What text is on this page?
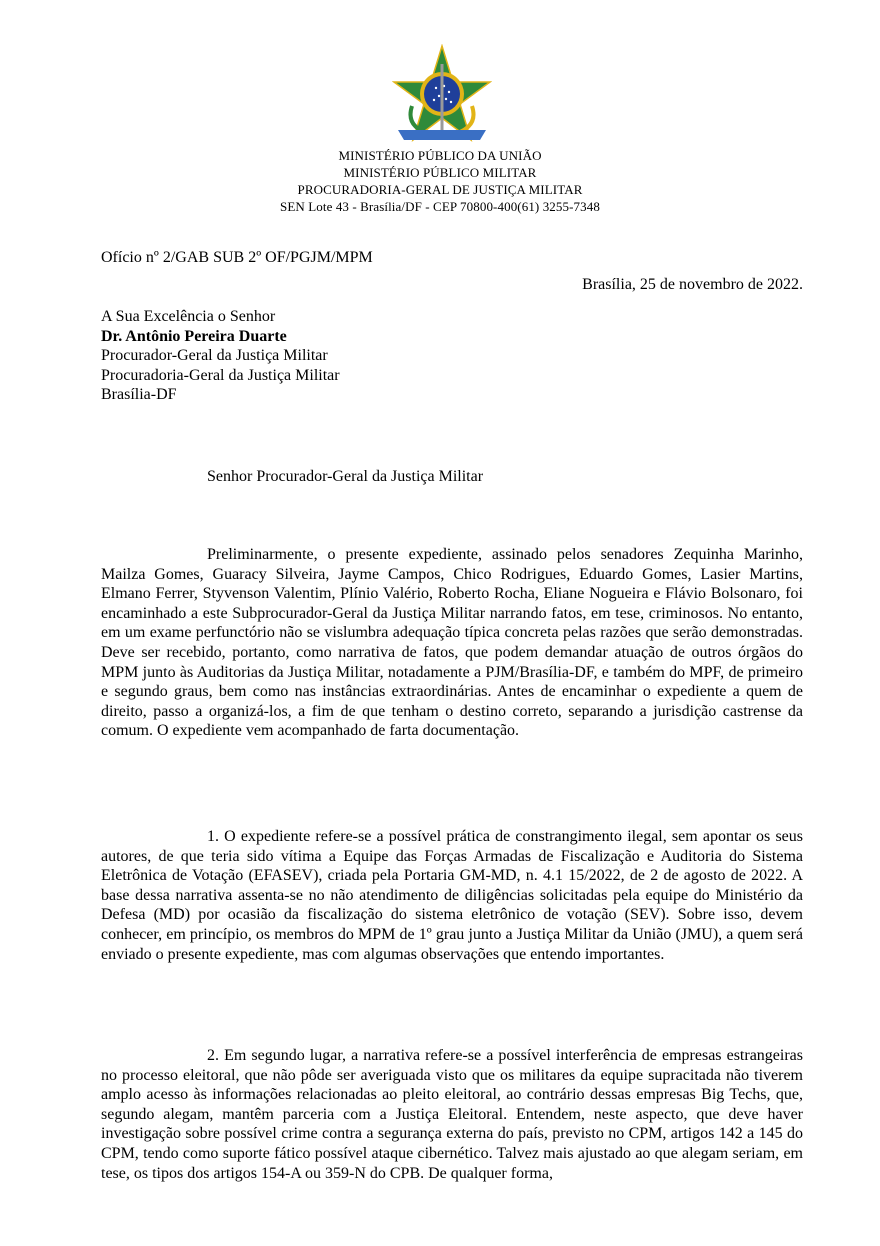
MINISTÉRIO PÚBLICO DA UNIÃO
MINISTÉRIO PÚBLICO MILITAR
PROCURADORIA-GERAL DE JUSTIÇA MILITAR
SEN Lote 43 - Brasília/DF - CEP 70800-400(61) 3255-7348
Ofício nº 2/GAB SUB 2º OF/PGJM/MPM
Brasília, 25 de novembro de 2022.
A Sua Excelência o Senhor
Dr. Antônio Pereira Duarte
Procurador-Geral da Justiça Militar
Procuradoria-Geral da Justiça Militar
Brasília-DF
Senhor Procurador-Geral da Justiça Militar

Preliminarmente, o presente expediente, assinado pelos senadores Zequinha Marinho, Mailza Gomes, Guaracy Silveira, Jayme Campos, Chico Rodrigues, Eduardo Gomes, Lasier Martins, Elmano Ferrer, Styvenson Valentim, Plínio Valério, Roberto Rocha, Eliane Nogueira e Flávio Bolsonaro, foi encaminhado a este Subprocurador-Geral da Justiça Militar narrando fatos, em tese, criminosos. No entanto, em um exame perfunctório não se vislumbra adequação típica concreta pelas razões que serão demonstradas. Deve ser recebido, portanto, como narrativa de fatos, que podem demandar atuação de outros órgãos do MPM junto às Auditorias da Justiça Militar, notadamente a PJM/Brasília-DF, e também do MPF, de primeiro e segundo graus, bem como nas instâncias extraordinárias. Antes de encaminhar o expediente a quem de direito, passo a organizá-los, a fim de que tenham o destino correto, separando a jurisdição castrense da comum. O expediente vem acompanhado de farta documentação.

1. O expediente refere-se a possível prática de constrangimento ilegal, sem apontar os seus autores, de que teria sido vítima a Equipe das Forças Armadas de Fiscalização e Auditoria do Sistema Eletrônica de Votação (EFASEV), criada pela Portaria GM-MD, n. 4.1 15/2022, de 2 de agosto de 2022. A base dessa narrativa assenta-se no não atendimento de diligências solicitadas pela equipe do Ministério da Defesa (MD) por ocasião da fiscalização do sistema eletrônico de votação (SEV). Sobre isso, devem conhecer, em princípio, os membros do MPM de 1º grau junto a Justiça Militar da União (JMU), a quem será enviado o presente expediente, mas com algumas observações que entendo importantes.

2. Em segundo lugar, a narrativa refere-se a possível interferência de empresas estrangeiras no processo eleitoral, que não pôde ser averiguada visto que os militares da equipe supracitada não tiverem amplo acesso às informações relacionadas ao pleito eleitoral, ao contrário dessas empresas Big Techs, que, segundo alegam, mantêm parceria com a Justiça Eleitoral. Entendem, neste aspecto, que deve haver investigação sobre possível crime contra a segurança externa do país, previsto no CPM, artigos 142 a 145 do CPM, tendo como suporte fático possível ataque cibernético. Talvez mais ajustado ao que alegam seriam, em tese, os tipos dos artigos 154-A ou 359-N do CPB. De qualquer forma,
